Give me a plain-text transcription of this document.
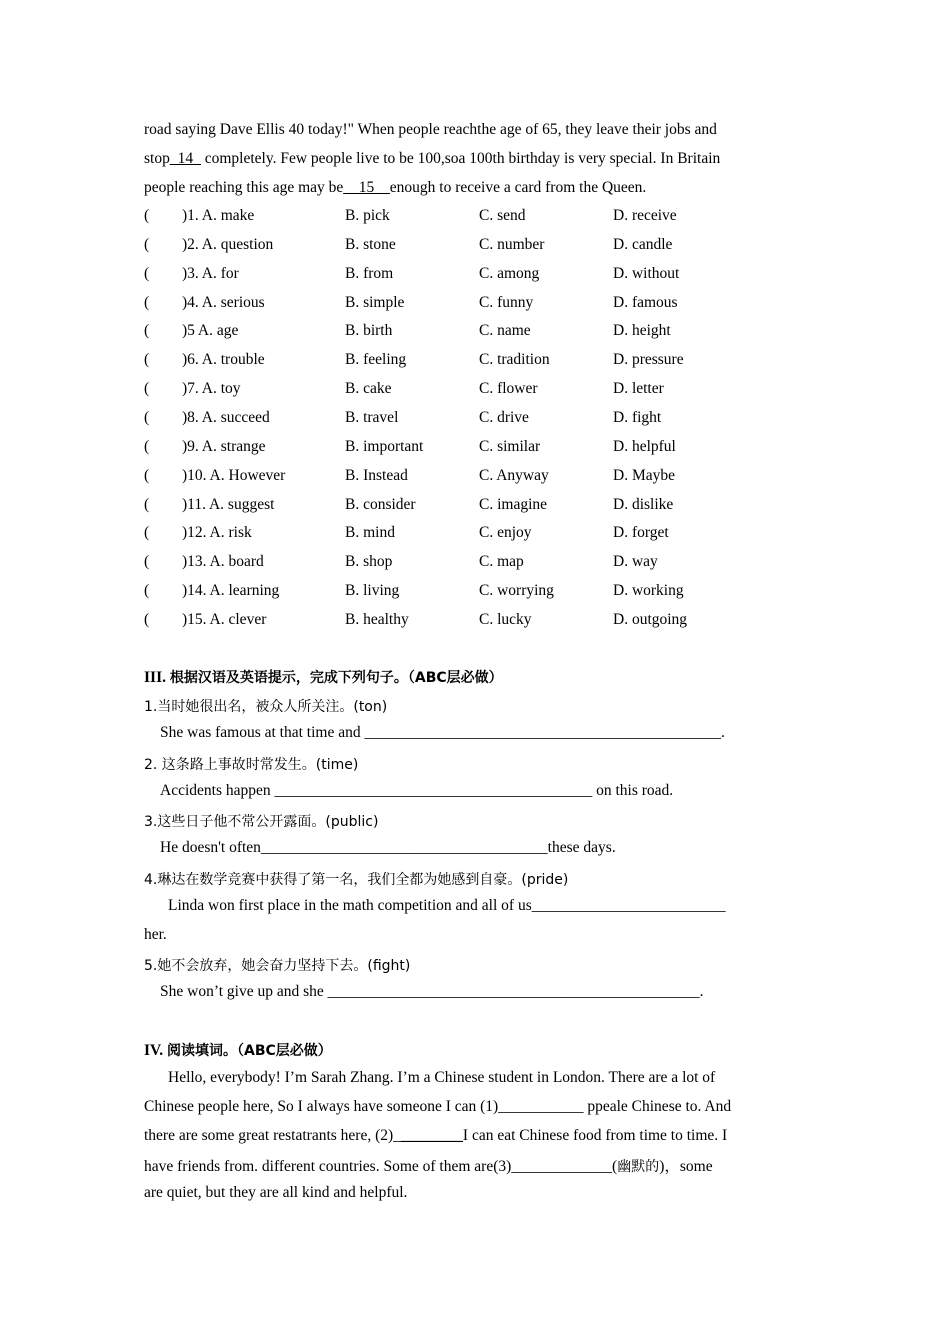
road saying Dave Ellis 40 today!" When people reachthe age of 65, they leave their jobs and
stop_14_ completely. Few people live to be 100,soa 100th birthday is very special. In Britain
people reaching this age may be__15__enough to receive a card from the Queen.
( )1. A. make	B. pick	C. send	D. receive
( )2. A. question	B. stone	C. number	D. candle
( )3. A. for	B. from	C. among	D. without
( )4. A. serious	B. simple	C. funny	D. famous
( )5 A. age	B. birth	C. name	D. height
( )6. A. trouble	B. feeling	C. tradition	D. pressure
( )7. A. toy	B. cake	C. flower	D. letter
( )8. A. succeed	B. travel	C. drive	D. fight
( )9. A. strange	B. important	C. similar	D. helpful
( )10. A. However	B. Instead	C. Anyway	D. Maybe
( )11. A. suggest	B. consider	C. imagine	D. dislike
( )12. A. risk	B. mind	C. enjoy	D. forget
( )13. A. board	B. shop	C. map	D. way
( )14. A. learning	B. living	C. worrying	D. working
( )15. A. clever	B. healthy	C. lucky	D. outgoing
III. 根据汉语及英语提示，完成下列句子。（ABC层必做）
1.当时她很出名，被众人所关注。(ton)
She was famous at that time and ______________________________________________.
2. 这条路上事故时常发生。(time)
Accidents happen _________________________________________ on this road.
3.这些日子他不常公开露面。(public)
He doesn't often_____________________________________these days.
4.琳达在数学竞赛中获得了第一名，我们全都为她感到自豪。(pride)
Linda won first place in the math competition and all of us_________________________
her.
5.她不会放弃，她会奋力坚持下去。(fight)
She won’t give up and she ________________________________________________.
IV. 阅读填词。（ABC层必做）
Hello, everybody! I’m Sarah Zhang. I’m a Chinese student in London. There are a lot of
Chinese people here, So I always have someone I can (1)___________ ppeale Chinese to. And
there are some great restatrants here, (2)_________I can eat Chinese food from time to time. I
have friends from. different countries. Some of them are(3)_____________(幽默的)，some
are quiet, but they are all kind and helpful.
